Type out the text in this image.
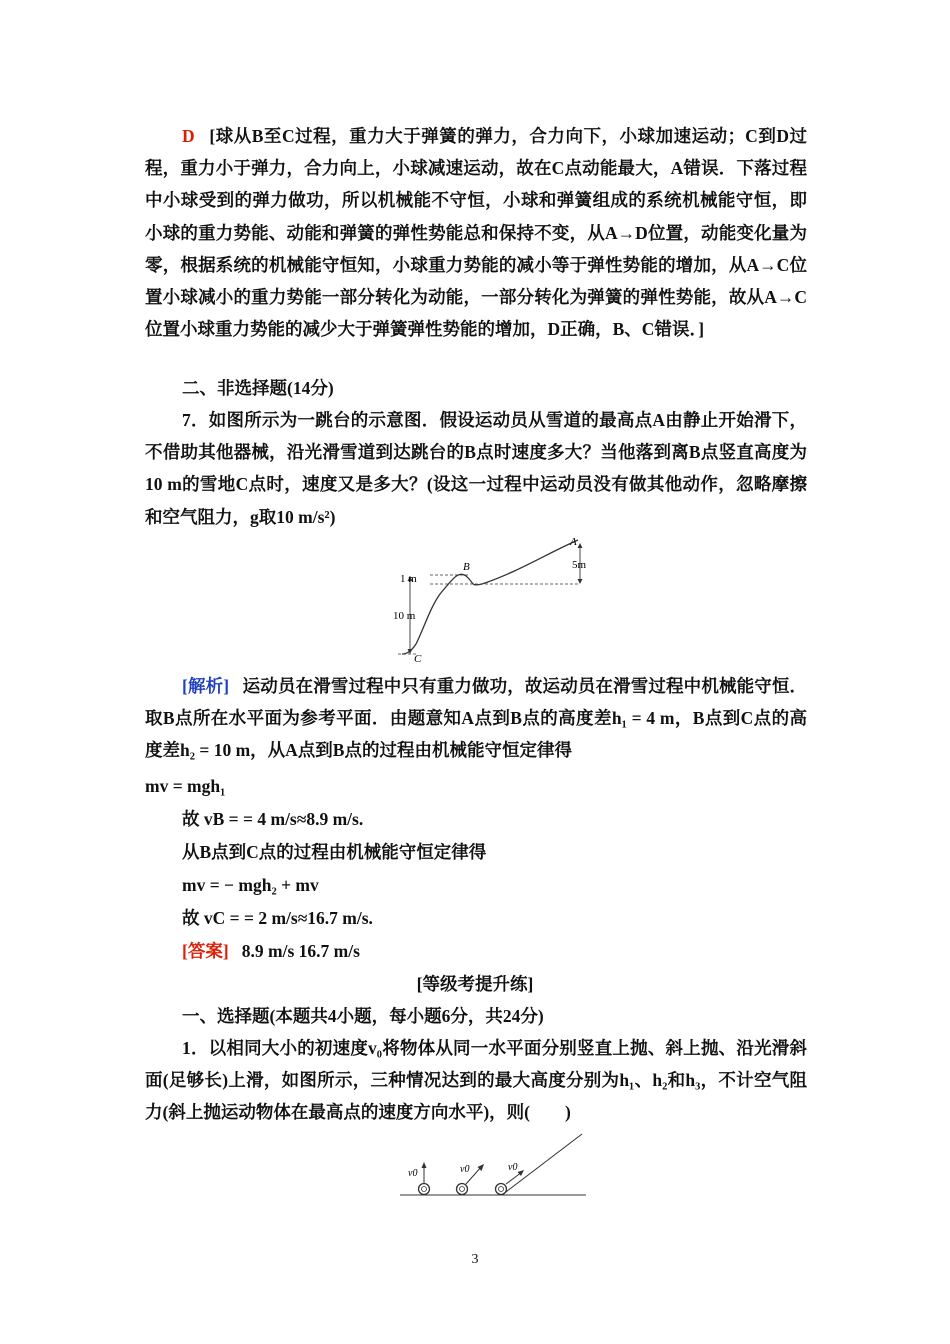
D [球从B至C过程，重力大于弹簧的弹力，合力向下，小球加速运动；C到D过程，重力小于弹力，合力向上，小球减速运动，故在C点动能最大，A错误．下落过程中小球受到的弹力做功，所以机械能不守恒，小球和弹簧组成的系统机械能守恒，即小球的重力势能、动能和弹簧的弹性势能总和保持不变，从A→D位置，动能变化量为零，根据系统的机械能守恒知，小球重力势能的减小等于弹性势能的增加，从A→C位置小球减小的重力势能一部分转化为动能，一部分转化为弹簧的弹性势能，故从A→C位置小球重力势能的减少大于弹簧弹性势能的增加，D正确，B、C错误．]
二、非选择题(14分)
7．如图所示为一跳台的示意图．假设运动员从雪道的最高点A由静止开始滑下，不借助其他器械，沿光滑雪道到达跳台的B点时速度多大？当他落到离B点竖直高度为10 m的雪地C点时，速度又是多大？(设这一过程中运动员没有做其他动作，忽略摩擦和空气阻力，g取10 m/s²)
A
B
C
1 m
10 m
5m
[解析] 运动员在滑雪过程中只有重力做功，故运动员在滑雪过程中机械能守恒．取B点所在水平面为参考平面．由题意知A点到B点的高度差h₁ = 4 m，B点到C点的高度差h₂ = 10 m，从A点到B点的过程由机械能守恒定律得
mv = mgh₁
故 vB = = 4 m/s≈8.9 m/s.
从B点到C点的过程由机械能守恒定律得
mv = − mgh₂ + mv
故 vC = = 2 m/s≈16.7 m/s.
[答案] 8.9 m/s 16.7 m/s
[等级考提升练]
一、选择题(本题共4小题，每小题6分，共24分)
1．以相同大小的初速度v₀将物体从同一水平面分别竖直上抛、斜上抛、沿光滑斜面(足够长)上滑，如图所示，三种情况达到的最大高度分别为h₁、h₂和h₃，不计空气阻力(斜上抛运动物体在最高点的速度方向水平)，则(　　)
v0	v0	v0
3
